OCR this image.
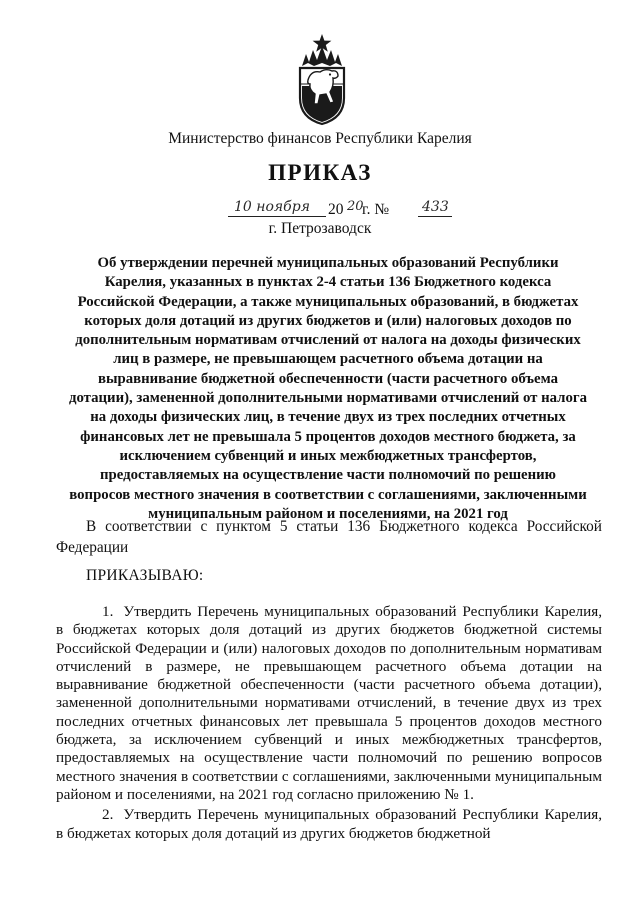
Министерство финансов Республики Карелия
ПРИКАЗ
10 ноября 20 20
г. № 433
г. Петрозаводск
Об утверждении перечней муниципальных образований Республики Карелия, указанных в пунктах 2-4 статьи 136 Бюджетного кодекса Российской Федерации, а также муниципальных образований, в бюджетах которых доля дотаций из других бюджетов и (или) налоговых доходов по дополнительным нормативам отчислений от налога на доходы физических лиц в размере, не превышающем расчетного объема дотации на выравнивание бюджетной обеспеченности (части расчетного объема дотации), замененной дополнительными нормативами отчислений от налога на доходы физических лиц, в течение двух из трех последних отчетных финансовых лет не превышала 5 процентов доходов местного бюджета, за исключением субвенций и иных межбюджетных трансфертов, предоставляемых на осуществление части полномочий по решению вопросов местного значения в соответствии с соглашениями, заключенными муниципальным районом и поселениями, на 2021 год
В соответствии с пунктом 5 статьи 136 Бюджетного кодекса Российской Федерации
ПРИКАЗЫВАЮ:

1. Утвердить Перечень муниципальных образований Республики Карелия, в бюджетах которых доля дотаций из других бюджетов бюджетной системы Российской Федерации и (или) налоговых доходов по дополнительным нормативам отчислений в размере, не превышающем расчетного объема дотации на выравнивание бюджетной обеспеченности (части расчетного объема дотации), замененной дополнительными нормативами отчислений, в течение двух из трех последних отчетных финансовых лет превышала 5 процентов доходов местного бюджета, за исключением субвенций и иных межбюджетных трансфертов, предоставляемых на осуществление части полномочий по решению вопросов местного значения в соответствии с соглашениями, заключенными муниципальным районом и поселениями, на 2021 год согласно приложению № 1.

2. Утвердить Перечень муниципальных образований Республики Карелия, в бюджетах которых доля дотаций из других бюджетов бюджетной
